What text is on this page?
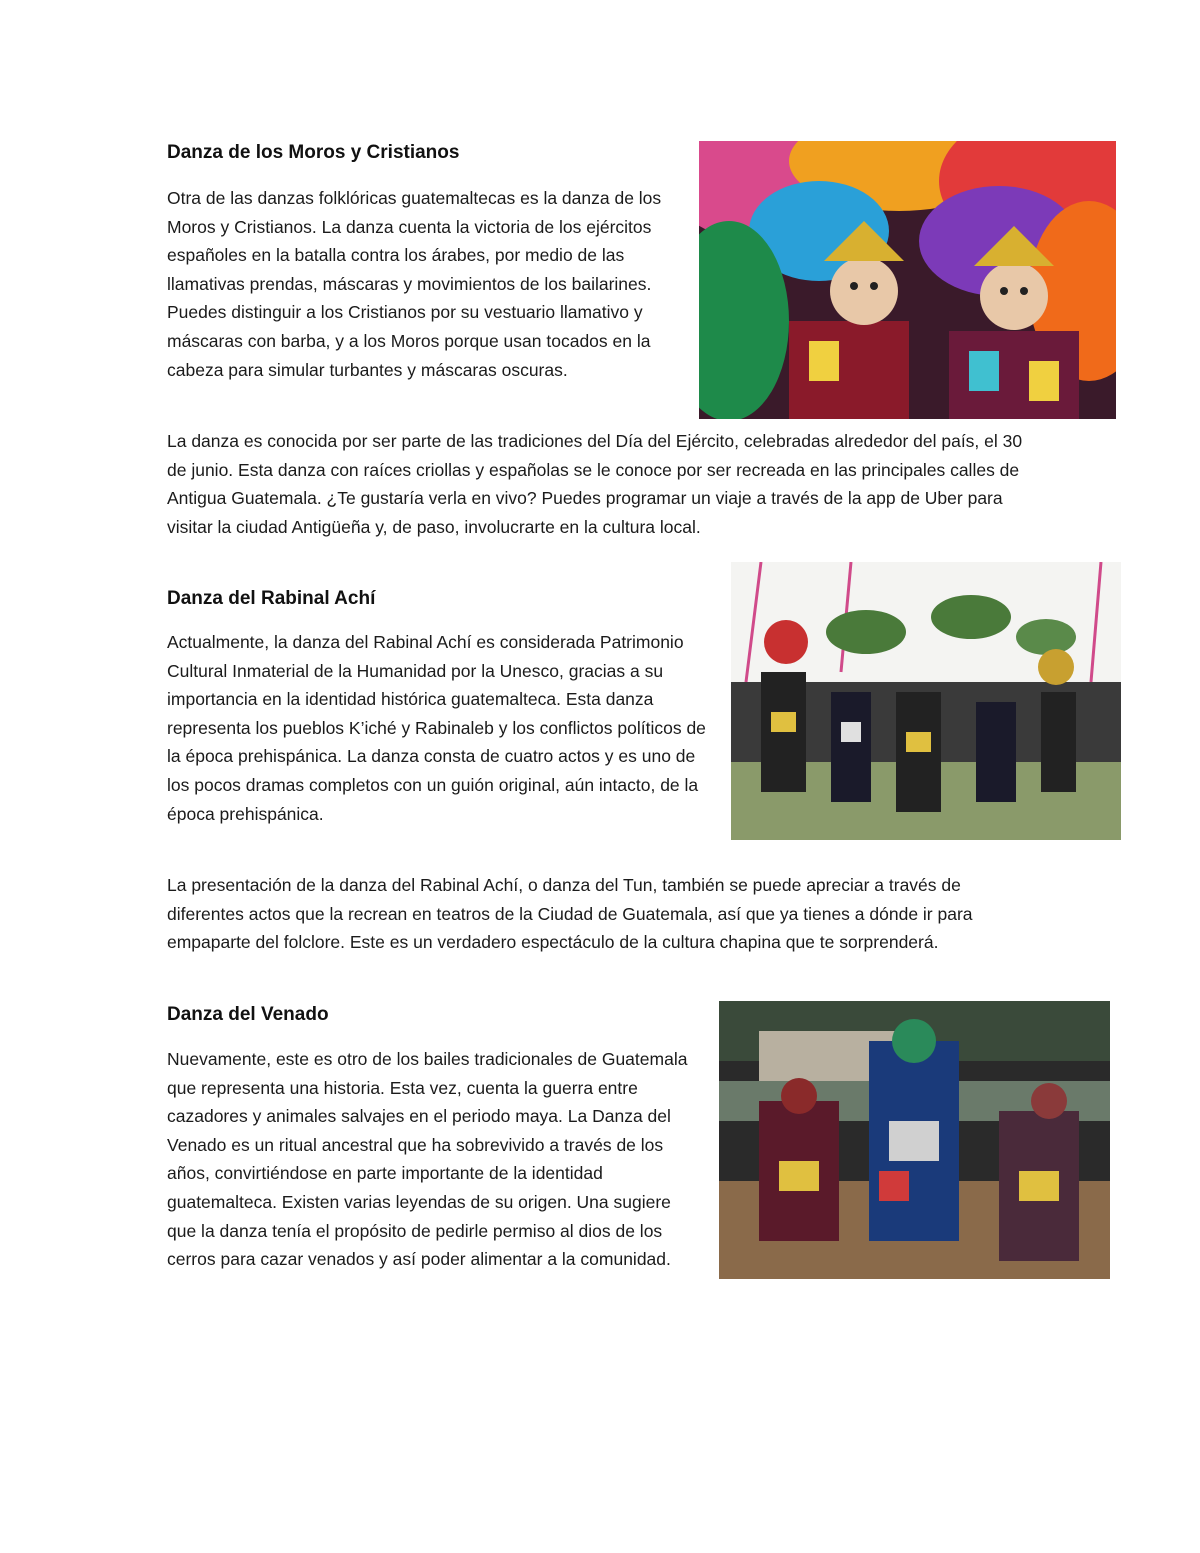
Danza de los Moros y Cristianos

Otra de las danzas folklóricas guatemaltecas es la danza de los Moros y Cristianos. La danza cuenta la victoria de los ejércitos españoles en la batalla contra los árabes, por medio de las llamativas prendas, máscaras y movimientos de los bailarines. Puedes distinguir a los Cristianos por su vestuario llamativo y máscaras con barba, y a los Moros porque usan tocados en la cabeza para simular turbantes y máscaras oscuras.

La danza es conocida por ser parte de las tradiciones del Día del Ejército, celebradas alrededor del país, el 30 de junio. Esta danza con raíces criollas y españolas se le conoce por ser recreada en las principales calles de Antigua Guatemala. ¿Te gustaría verla en vivo? Puedes programar un viaje a través de la app de Uber para visitar la ciudad Antigüeña y, de paso, involucrarte en la cultura local.

Danza del Rabinal Achí

Actualmente, la danza del Rabinal Achí es considerada Patrimonio Cultural Inmaterial de la Humanidad por la Unesco, gracias a su importancia en la identidad histórica guatemalteca. Esta danza representa los pueblos K’iché y Rabinaleb y los conflictos políticos de la época prehispánica. La danza consta de cuatro actos y es uno de los pocos dramas completos con un guión original, aún intacto, de la época prehispánica.

La presentación de la danza del Rabinal Achí, o danza del Tun, también se puede apreciar a través de diferentes actos que la recrean en teatros de la Ciudad de Guatemala, así que ya tienes a dónde ir para empaparte del folclore. Este es un verdadero espectáculo de la cultura chapina que te sorprenderá.

Danza del Venado

Nuevamente, este es otro de los bailes tradicionales de Guatemala que representa una historia. Esta vez, cuenta la guerra entre cazadores y animales salvajes en el periodo maya. La Danza del Venado es un ritual ancestral que ha sobrevivido a través de los años, convirtiéndose en parte importante de la identidad guatemalteca. Existen varias leyendas de su origen. Una sugiere que la danza tenía el propósito de pedirle permiso al dios de los cerros para cazar venados y así poder alimentar a la comunidad.
